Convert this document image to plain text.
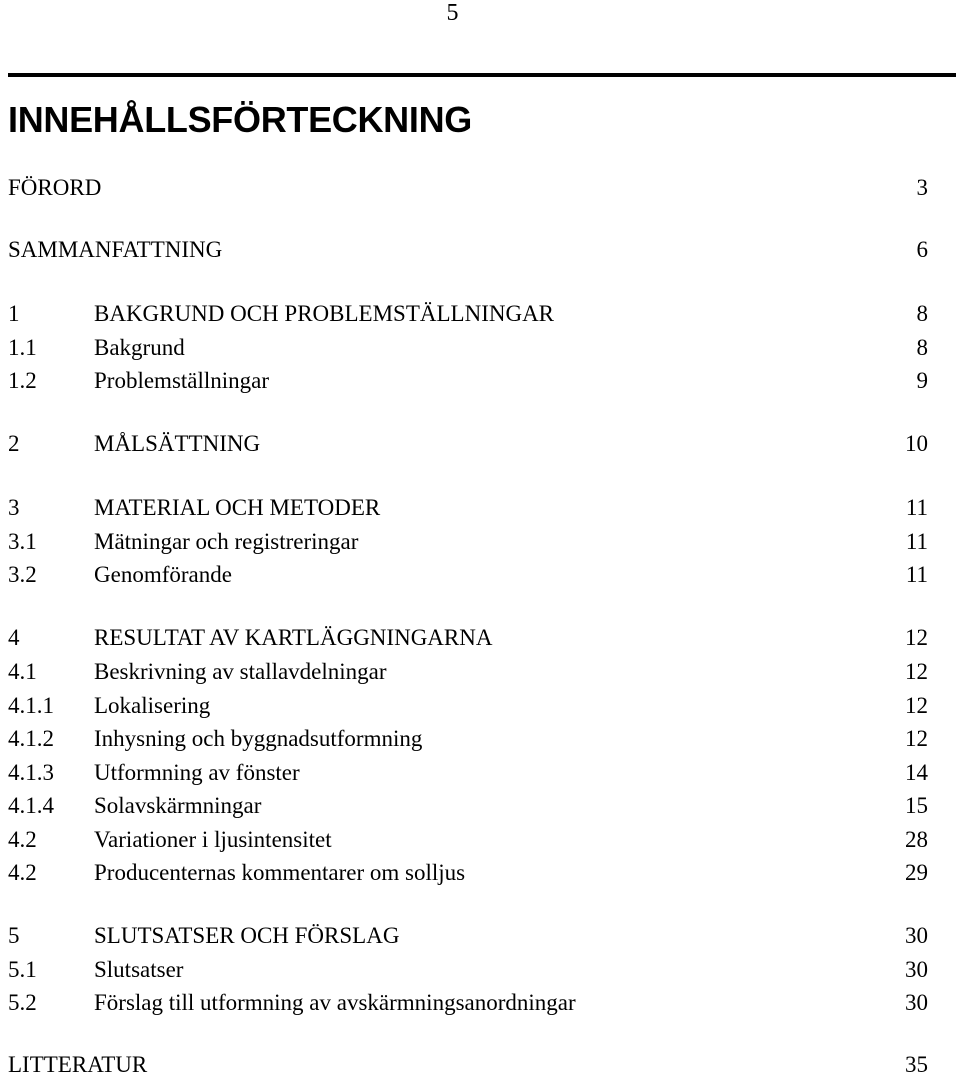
5
INNEHÅLLSFÖRTECKNING
FÖRORD	3
SAMMANFATTNING	6
1	BAKGRUND OCH PROBLEMSTÄLLNINGAR	8
1.1 Bakgrund	8
1.2 Problemställningar	9
2	MÅLSÄTTNING	10
3	MATERIAL OCH METODER	11
3.1 Mätningar och registreringar	11
3.2 Genomförande	11
4	RESULTAT AV KARTLÄGGNINGARNA	12
4.1 Beskrivning av stallavdelningar	12
4.1.1 Lokalisering	12
4.1.2 Inhysning och byggnadsutformning	12
4.1.3 Utformning av fönster	14
4.1.4 Solavskärmningar	15
4.2 Variationer i ljusintensitet	28
4.2 Producenternas kommentarer om solljus	29
5	SLUTSATSER OCH FÖRSLAG	30
5.1 Slutsatser	30
5.2 Förslag till utformning av avskärmningsanordningar	30
LITTERATUR	35
